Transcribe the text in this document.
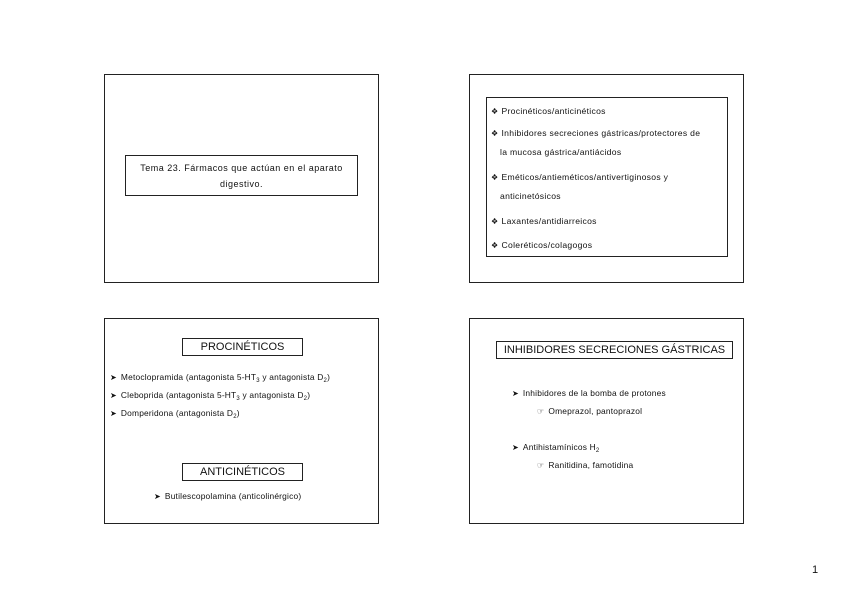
Tema 23. Fármacos que actúan en el aparato digestivo.
❖ Procinéticos/anticinéticos
❖ Inhibidores secreciones gástricas/protectores de
la mucosa gástrica/antiácidos
❖ Eméticos/antieméticos/antivertiginosos y
anticinetósicos
❖ Laxantes/antidiarreicos
❖ Coleréticos/colagogos
PROCINÉTICOS
➤ Metoclopramida (antagonista $5-HT_3$ y antagonista $D_2$)
➤ Cleboprida (antagonista $5-HT_3$ y antagonista $D_2$)
➤ Domperidona (antagonista $D_2$)
ANTICINÉTICOS
➤ Butilescopolamina (anticolinérgico)
INHIBIDORES SECRECIONES GÁSTRICAS
➤ Inhibidores de la bomba de protones
☞ Omeprazol, pantoprazol
➤ Antihistamínicos $H_2$
☞ Ranitidina, famotidina
1
